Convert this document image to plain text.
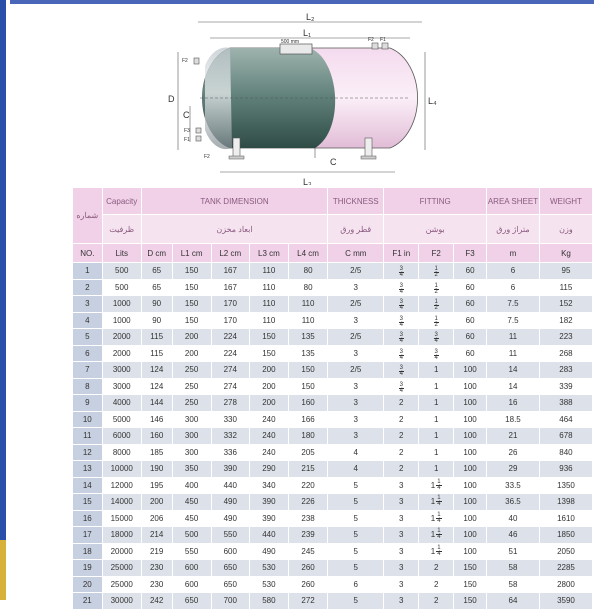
L₂
L₁
L₃
L₄
D
C
C
500 mm	F2 F1
F2
F3
F1
F2
شماره	Capacity	TANK DIMENSION					THICKNESS	FITTING			AREA SHEET	WEIGHT
	ظرفیت	ابعاد مخزن					قطر ورق	بوشن			متراژ ورق	وزن
NO.	Lits	D cm	L1 cm	L2 cm	L3 cm	L4 cm	C mm	F1 in	F2	F3	m	Kg
1	500	65	150	167	110	80	2/5	$\frac{3}{4}$	$\frac{1}{2}$	60	6	95
2	500	65	150	167	110	80	3	$\frac{3}{4}$	$\frac{1}{2}$	60	6	115
3	1000	90	150	170	110	110	2/5	$\frac{3}{4}$	$\frac{1}{2}$	60	7.5	152
4	1000	90	150	170	110	110	3	$\frac{3}{4}$	$\frac{1}{2}$	60	7.5	182
5	2000	115	200	224	150	135	2/5	$\frac{3}{4}$	$\frac{3}{4}$	60	11	223
6	2000	115	200	224	150	135	3	$\frac{3}{4}$	$\frac{3}{4}$	60	11	268
7	3000	124	250	274	200	150	2/5	$\frac{3}{4}$	1	100	14	283
8	3000	124	250	274	200	150	3	$\frac{3}{4}$	1	100	14	339
9	4000	144	250	278	200	160	3	2	1	100	16	388
10	5000	146	300	330	240	166	3	2	1	100	18.5	464
11	6000	160	300	332	240	180	3	2	1	100	21	678
12	8000	185	300	336	240	205	4	2	1	100	26	840
13	10000	190	350	390	290	215	4	2	1	100	29	936
14	12000	195	400	440	340	220	5	3	$1 \frac{1}{4}$	100	33.5	1350
15	14000	200	450	490	390	226	5	3	$1 \frac{1}{4}$	100	36.5	1398
16	15000	206	450	490	390	238	5	3	$1 \frac{1}{4}$	100	40	1610
17	18000	214	500	550	440	239	5	3	$1 \frac{1}{4}$	100	46	1850
18	20000	219	550	600	490	245	5	3	$1 \frac{1}{4}$	100	51	2050
19	25000	230	600	650	530	260	5	3	2	150	58	2285
20	25000	230	600	650	530	260	6	3	2	150	58	2800
21	30000	242	650	700	580	272	5	3	2	150	64	3590
